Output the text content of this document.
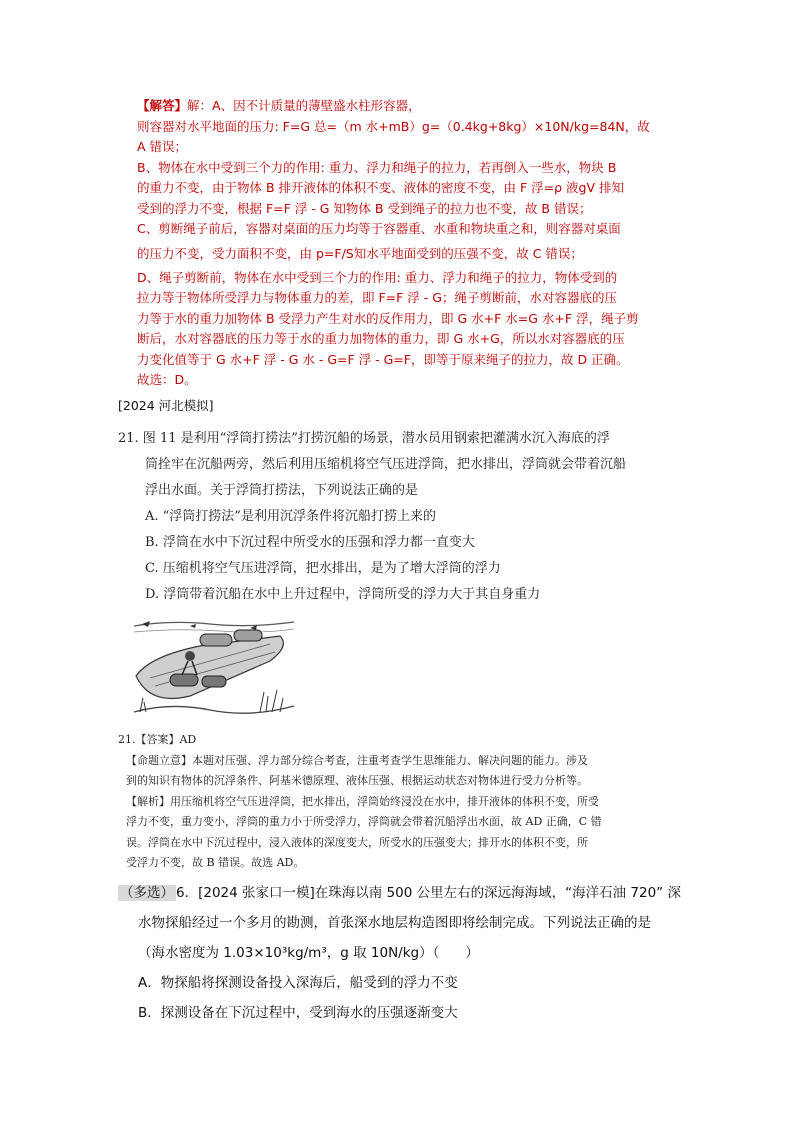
【解答】解：A、因不计质量的薄壁盛水柱形容器，

则容器对水平地面的压力: F=G 总=（m 水+mB）g=（0.4kg+8kg）×10N/kg=84N，故

A 错误；

B、物体在水中受到三个力的作用: 重力、浮力和绳子的拉力，若再倒入一些水，物块 B

的重力不变，由于物体 B 排开液体的体积不变、液体的密度不变，由 F 浮=ρ 液gV 排知

受到的浮力不变，根据 F=F 浮 - G 知物体 B 受到绳子的拉力也不变，故 B 错误；

C、剪断绳子前后，容器对桌面的压力均等于容器重、水重和物块重之和，则容器对桌面

的压力不变，受力面积不变，由 p=F/S知水平地面受到的压强不变，故 C 错误；

D、绳子剪断前，物体在水中受到三个力的作用: 重力、浮力和绳子的拉力，物体受到的

拉力等于物体所受浮力与物体重力的差，即 F=F 浮 - G；绳子剪断前，水对容器底的压

力等于水的重力加物体 B 受浮力产生对水的反作用力，即 G 水+F 水=G 水+F 浮，绳子剪

断后，水对容器底的压力等于水的重力加物体的重力，即 G 水+G，所以水对容器底的压

力变化值等于 G 水+F 浮 - G 水 - G=F 浮 - G=F，即等于原来绳子的拉力，故 D 正确。

故选：D。

[2024 河北模拟]

21. 图 11 是利用“浮筒打捞法”打捞沉船的场景，潜水员用钢索把灌满水沉入海底的浮

筒拴牢在沉船两旁，然后利用压缩机将空气压进浮筒，把水排出，浮筒就会带着沉船

浮出水面。关于浮筒打捞法，下列说法正确的是

A. “浮筒打捞法”是利用沉浮条件将沉船打捞上来的

B. 浮筒在水中下沉过程中所受水的压强和浮力都一直变大

C. 压缩机将空气压进浮筒，把水排出，是为了增大浮筒的浮力

D. 浮筒带着沉船在水中上升过程中，浮筒所受的浮力大于其自身重力

21.【答案】AD

【命题立意】本题对压强、浮力部分综合考查，注重考查学生思维能力、解决问题的能力。涉及

到的知识有物体的沉浮条件、阿基米德原理、液体压强、根据运动状态对物体进行受力分析等。

【解析】用压缩机将空气压进浮筒，把水排出，浮筒始终浸没在水中，排开液体的体积不变，所受

浮力不变，重力变小，浮筒的重力小于所受浮力，浮筒就会带着沉船浮出水面，故 AD 正确，C 错

误。浮筒在水中下沉过程中，浸入液体的深度变大，所受水的压强变大；排开水的体积不变，所

受浮力不变，故 B 错误。故选 AD。

（多选） 6．[2024 张家口一模]在珠海以南 500 公里左右的深远海海域，“海洋石油 720” 深

水物探船经过一个多月的勘测，首张深水地层构造图即将绘制完成。下列说法正确的是

（海水密度为 1.03×10³kg/m³，g 取 10N/kg）（ ）

A．物探船将探测设备投入深海后，船受到的浮力不变

B．探测设备在下沉过程中，受到海水的压强逐渐变大
